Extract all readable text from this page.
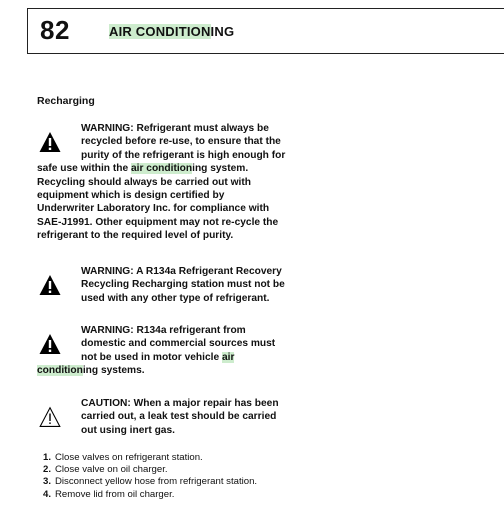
82	AIR CONDITIONING
Recharging
WARNING: Refrigerant must always be
recycled before re-use, to ensure that the
purity of the refrigerant is high enough for
safe use within the air conditioning system.
Recycling should always be carried out with
equipment which is design certified by
Underwriter Laboratory Inc. for compliance with
SAE-J1991. Other equipment may not re-cycle the
refrigerant to the required level of purity.
WARNING: A R134a Refrigerant Recovery
Recycling Recharging station must not be
used with any other type of refrigerant.
WARNING: R134a refrigerant from
domestic and commercial sources must
not be used in motor vehicle air
conditioning systems.
CAUTION: When a major repair has been
carried out, a leak test should be carried
out using inert gas.
1. Close valves on refrigerant station.
2. Close valve on oil charger.
3. Disconnect yellow hose from refrigerant station.
4. Remove lid from oil charger.
